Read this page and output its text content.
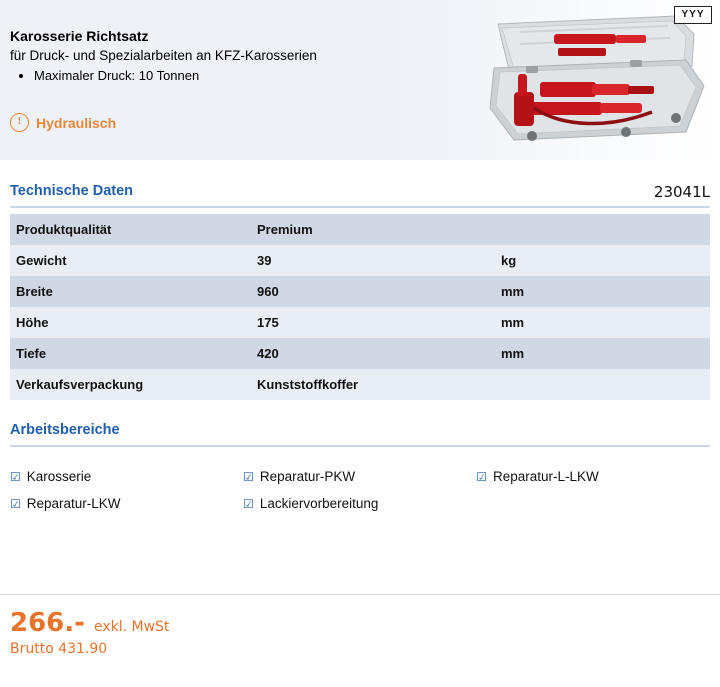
YYY
Karosserie Richtsatz
für Druck- und Spezialarbeiten an KFZ-Karosserien
• Maximaler Druck: 10 Tonnen
!	Hydraulisch
Technische Daten
Produktqualität	Premium	
Gewicht	39	kg
Breite	960	mm
Höhe	175	mm
Tiefe	420	mm
Verkaufsverpackung	Kunststoffkoffer	
23041L
Arbeitsbereiche
☑ Karosserie	☑ Reparatur-PKW	☑ Reparatur-L-LKW
☑ Reparatur-LKW	☑ Lackiervorbereitung
266.- exkl. MwSt
Brutto 431.90
